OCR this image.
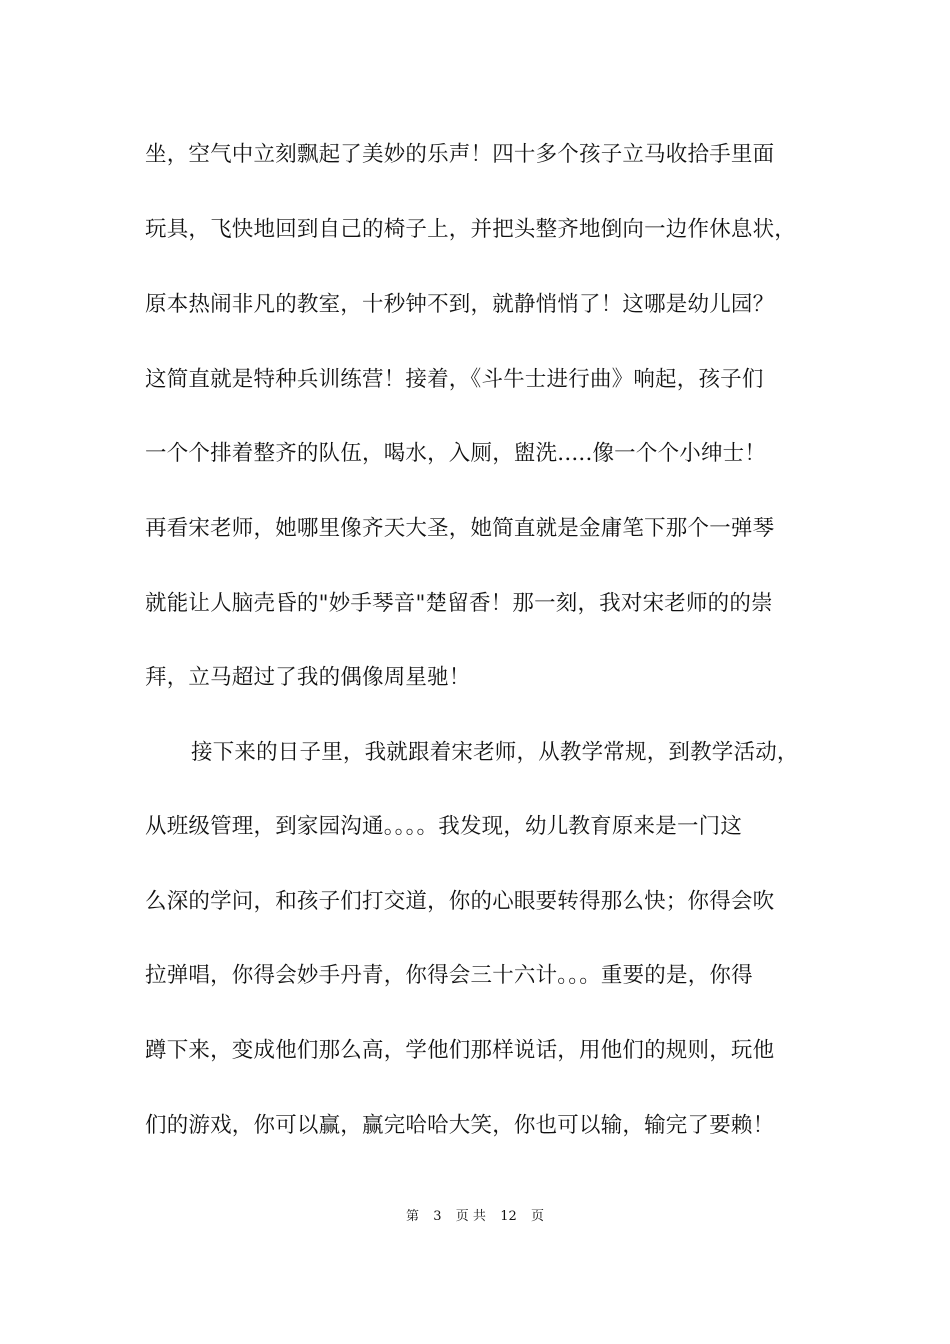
坐，空气中立刻飘起了美妙的乐声！四十多个孩子立马收拾手里面
玩具，飞快地回到自己的椅子上，并把头整齐地倒向一边作休息状，
原本热闹非凡的教室，十秒钟不到，就静悄悄了！这哪是幼儿园？
这简直就是特种兵训练营！接着，《斗牛士进行曲》响起，孩子们
一个个排着整齐的队伍，喝水，入厕，盥洗.....像一个个小绅士！
再看宋老师，她哪里像齐天大圣，她简直就是金庸笔下那个一弹琴
就能让人脑壳昏的"妙手琴音"楚留香！那一刻，我对宋老师的的崇
拜，立马超过了我的偶像周星驰！
接下来的日子里，我就跟着宋老师，从教学常规，到教学活动，
从班级管理，到家园沟通。。。。我发现，幼儿教育原来是一门这
么深的学问，和孩子们打交道，你的心眼要转得那么快；你得会吹
拉弹唱，你得会妙手丹青，你得会三十六计。。。重要的是，你得
蹲下来，变成他们那么高，学他们那样说话，用他们的规则，玩他
们的游戏，你可以赢，赢完哈哈大笑，你也可以输，输完了要赖！
第 3 页 共 12 页
